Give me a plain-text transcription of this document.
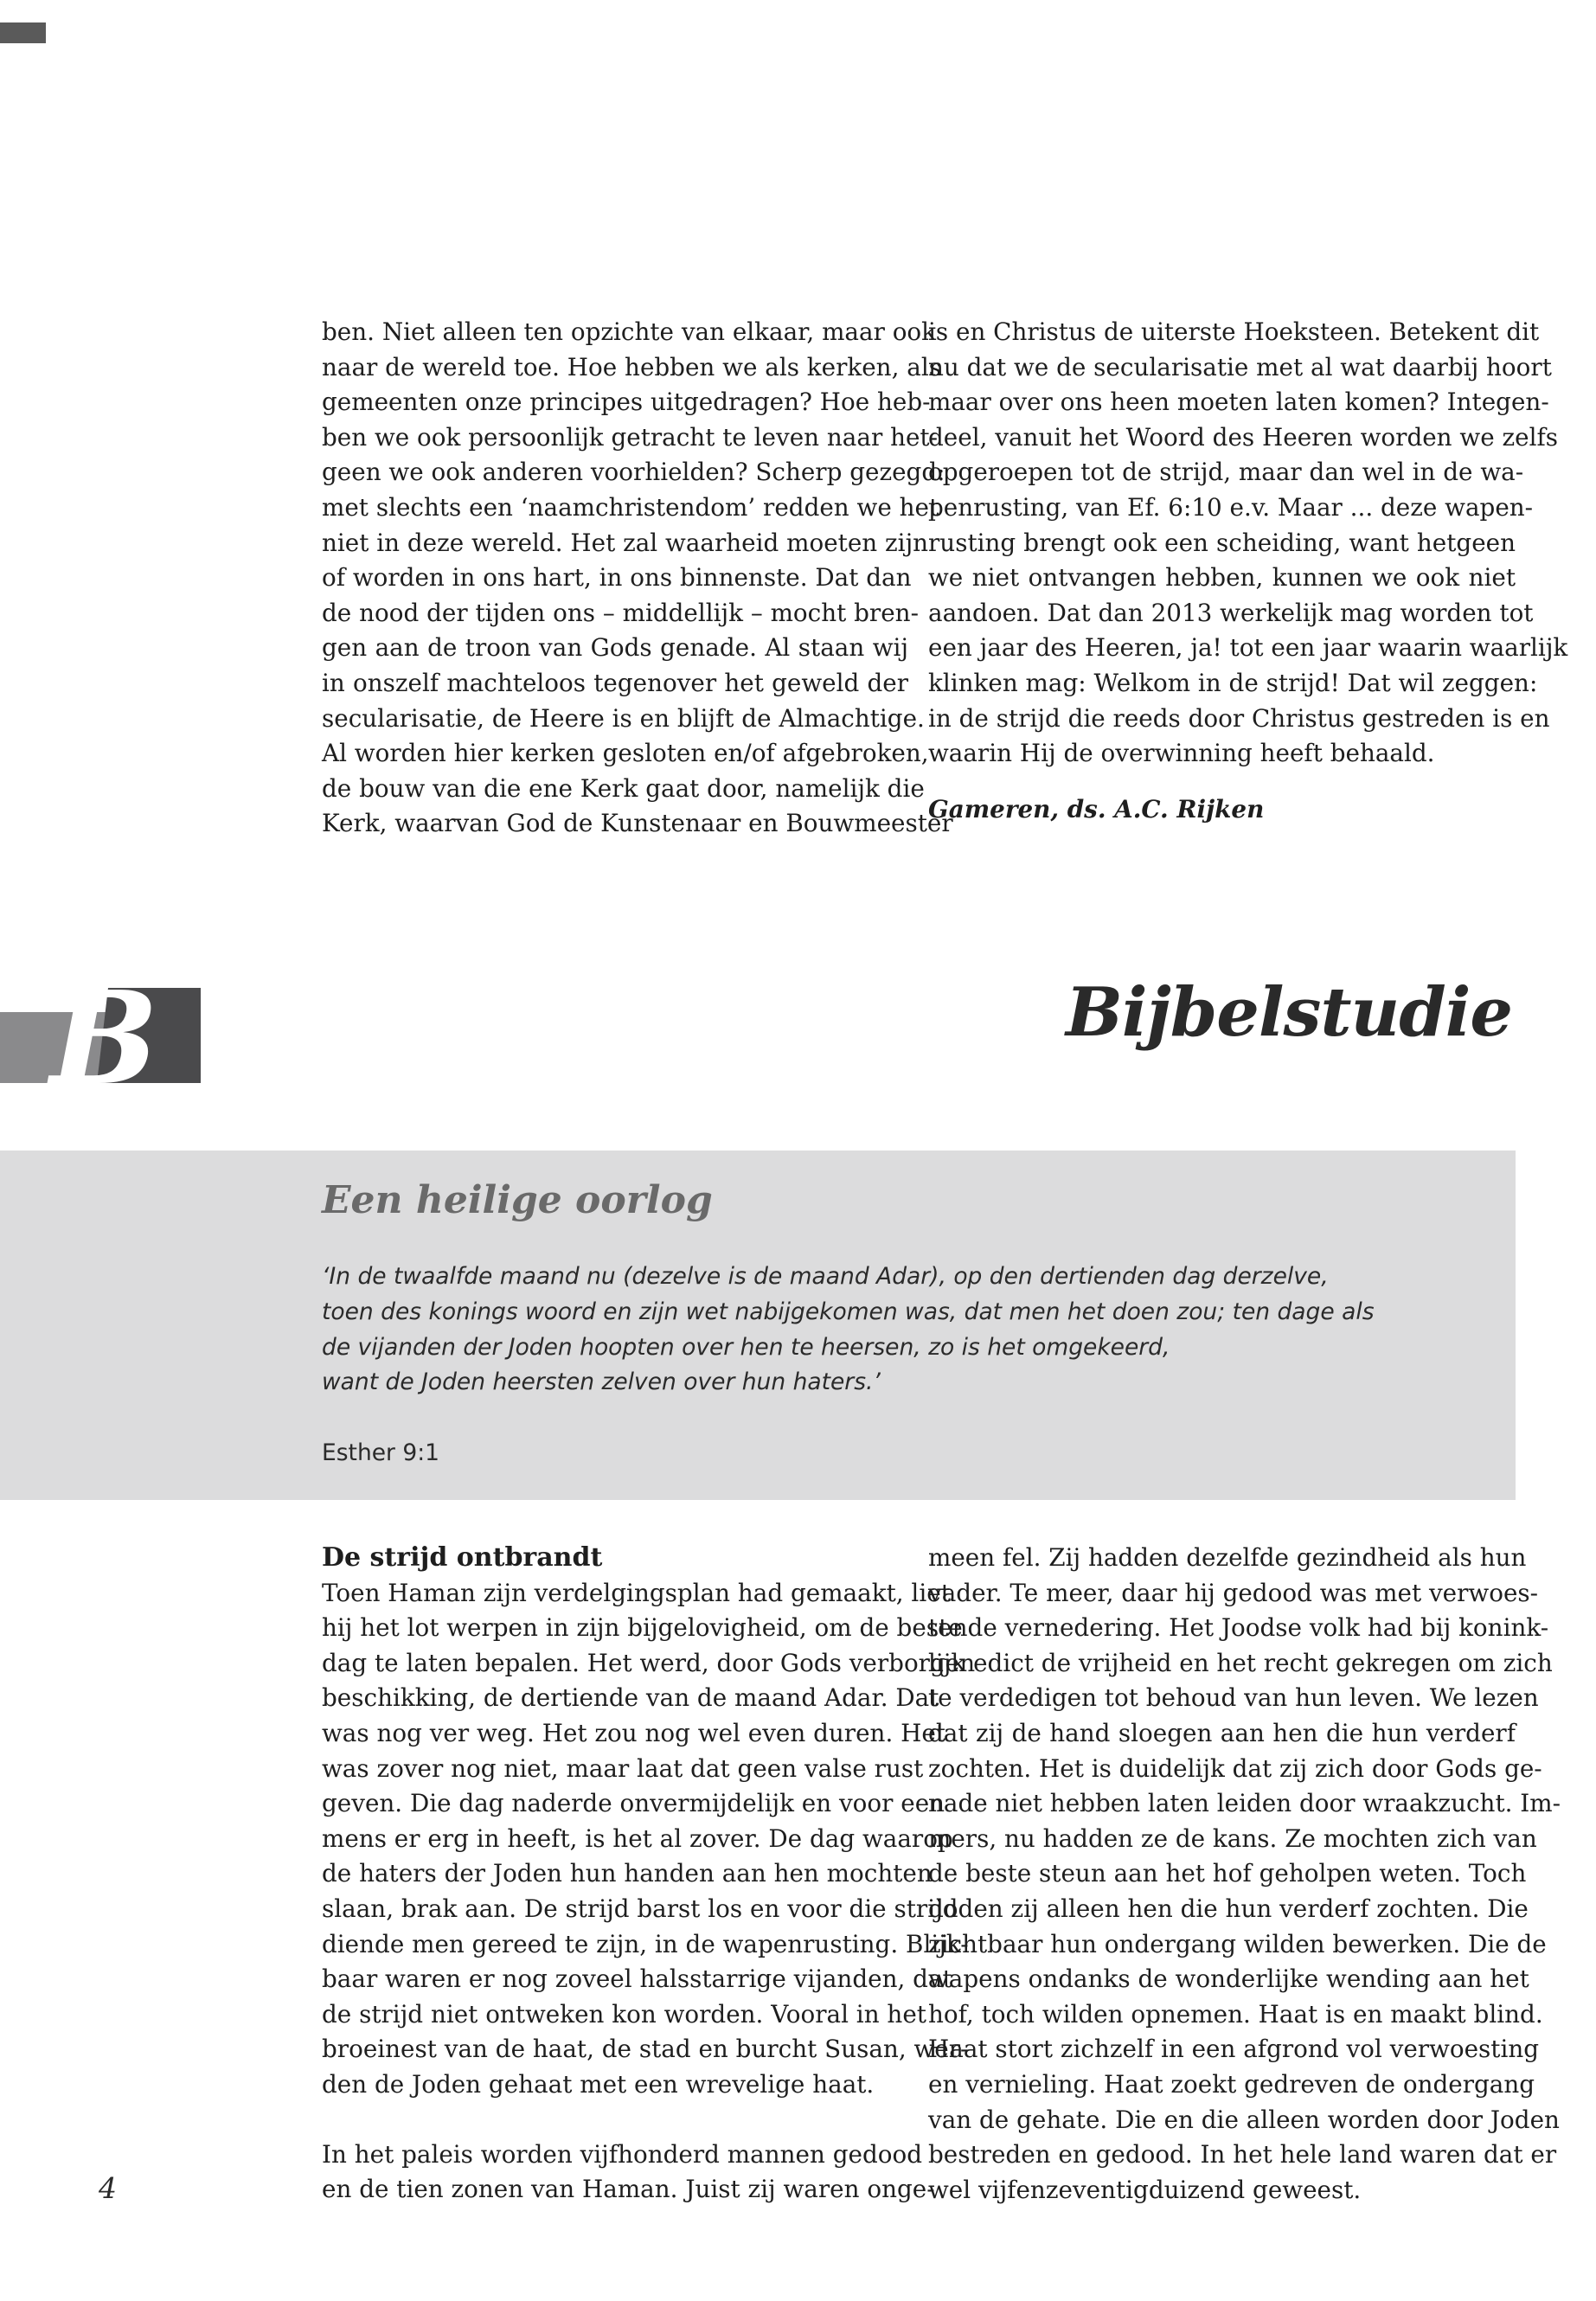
ben. Niet alleen ten opzichte van elkaar, maar ook
naar de wereld toe. Hoe hebben we als kerken, als
gemeenten onze principes uitgedragen? Hoe heb-
ben we ook persoonlijk getracht te leven naar het-
geen we ook anderen voorhielden? Scherp gezegd:
met slechts een ‘naamchristendom’ redden we het
niet in deze wereld. Het zal waarheid moeten zijn
of worden in ons hart, in ons binnenste. Dat dan
de nood der tijden ons – middellijk – mocht bren-
gen aan de troon van Gods genade. Al staan wij
in onszelf machteloos tegenover het geweld der
secularisatie, de Heere is en blijft de Almachtige.
Al worden hier kerken gesloten en/of afgebroken,
de bouw van die ene Kerk gaat door, namelijk die
Kerk, waarvan God de Kunstenaar en Bouwmeester

is en Christus de uiterste Hoeksteen. Betekent dit
nu dat we de secularisatie met al wat daarbij hoort
maar over ons heen moeten laten komen? Integen-
deel, vanuit het Woord des Heeren worden we zelfs
opgeroepen tot de strijd, maar dan wel in de wa-
penrusting, van Ef. 6:10 e.v. Maar ... deze wapen-
rusting brengt ook een scheiding, want hetgeen
we niet ontvangen hebben, kunnen we ook niet
aandoen. Dat dan 2013 werkelijk mag worden tot
een jaar des Heeren, ja! tot een jaar waarin waarlijk
klinken mag: Welkom in de strijd! Dat wil zeggen:
in de strijd die reeds door Christus gestreden is en
waarin Hij de overwinning heeft behaald.

Gameren, ds. A.C. Rijken

B	Bijbelstudie
Een heilige oorlog

‘In de twaalfde maand nu (dezelve is de maand Adar), op den dertienden dag derzelve,
toen des konings woord en zijn wet nabijgekomen was, dat men het doen zou; ten dage als
de vijanden der Joden hoopten over hen te heersen, zo is het omgekeerd,
want de Joden heersten zelven over hun haters.’

Esther 9:1

De strijd ontbrandt

Toen Haman zijn verdelgingsplan had gemaakt, liet
hij het lot werpen in zijn bijgelovigheid, om de beste
dag te laten bepalen. Het werd, door Gods verborgen
beschikking, de dertiende van de maand Adar. Dat
was nog ver weg. Het zou nog wel even duren. Het
was zover nog niet, maar laat dat geen valse rust
geven. Die dag naderde onvermijdelijk en voor een
mens er erg in heeft, is het al zover. De dag waarop
de haters der Joden hun handen aan hen mochten
slaan, brak aan. De strijd barst los en voor die strijd
diende men gereed te zijn, in de wapenrusting. Blijk-
baar waren er nog zoveel halsstarrige vijanden, dat
de strijd niet ontweken kon worden. Vooral in het
broeinest van de haat, de stad en burcht Susan, wer-
den de Joden gehaat met een wrevelige haat.

In het paleis worden vijfhonderd mannen gedood
en de tien zonen van Haman. Juist zij waren onge-

meen fel. Zij hadden dezelfde gezindheid als hun
vader. Te meer, daar hij gedood was met verwoes-
tende vernedering. Het Joodse volk had bij konink-
lijk edict de vrijheid en het recht gekregen om zich
te verdedigen tot behoud van hun leven. We lezen
dat zij de hand sloegen aan hen die hun verderf
zochten. Het is duidelijk dat zij zich door Gods ge-
nade niet hebben laten leiden door wraakzucht. Im-
mers, nu hadden ze de kans. Ze mochten zich van
de beste steun aan het hof geholpen weten. Toch
doden zij alleen hen die hun verderf zochten. Die
zichtbaar hun ondergang wilden bewerken. Die de
wapens ondanks de wonderlijke wending aan het
hof, toch wilden opnemen. Haat is en maakt blind.
Haat stort zichzelf in een afgrond vol verwoesting
en vernieling. Haat zoekt gedreven de ondergang
van de gehate. Die en die alleen worden door Joden
bestreden en gedood. In het hele land waren dat er
wel vijfenzeventigduizend geweest.

4
